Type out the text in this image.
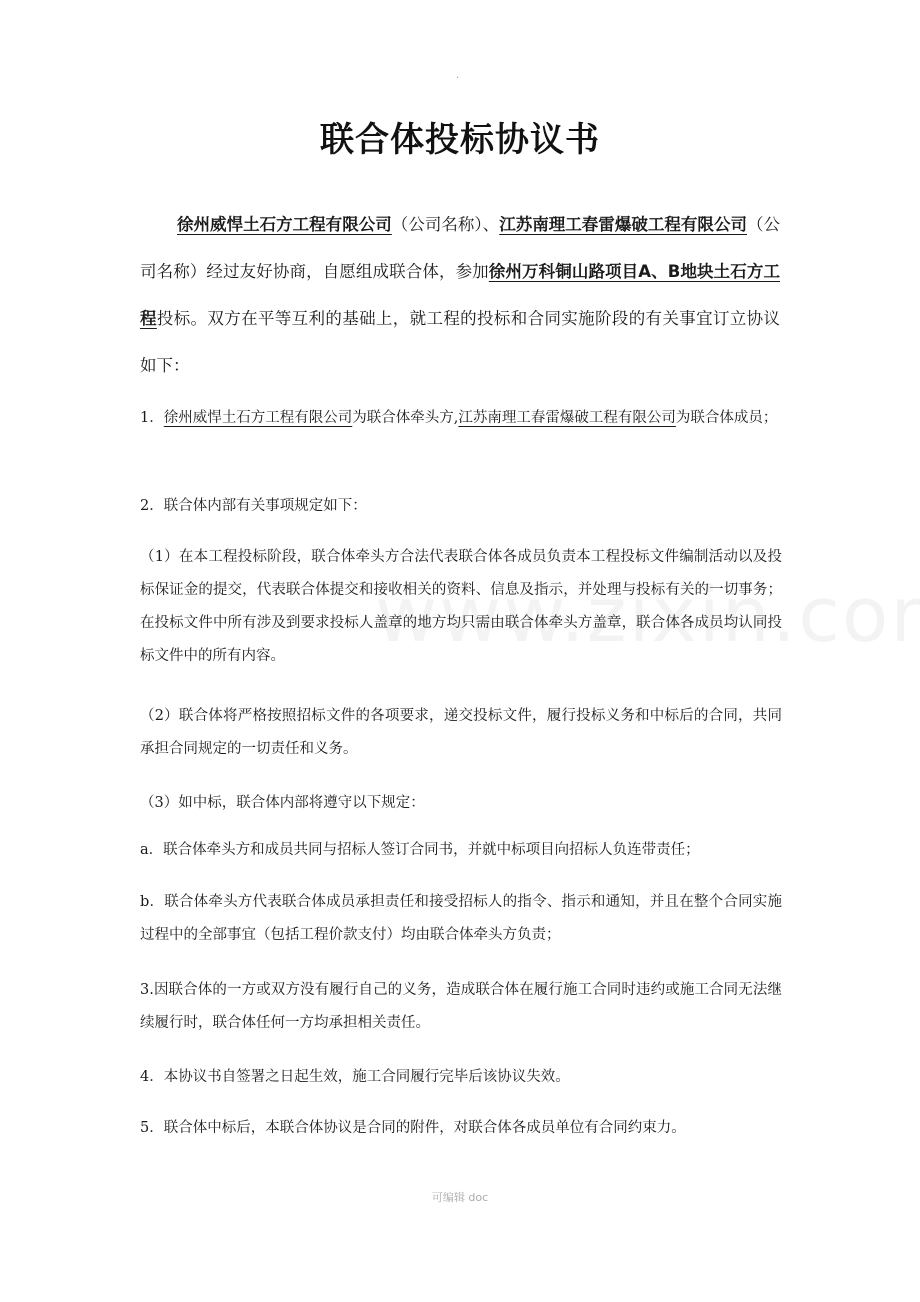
.
联合体投标协议书
徐州威悍土石方工程有限公司（公司名称）、江苏南理工春雷爆破工程有限公司（公司名称）经过友好协商，自愿组成联合体，参加徐州万科铜山路项目A、B地块土石方工程投标。双方在平等互利的基础上，就工程的投标和合同实施阶段的有关事宜订立协议如下：
1．徐州威悍土石方工程有限公司为联合体牵头方,江苏南理工春雷爆破工程有限公司为联合体成员；
2．联合体内部有关事项规定如下：
（1）在本工程投标阶段，联合体牵头方合法代表联合体各成员负责本工程投标文件编制活动以及投标保证金的提交，代表联合体提交和接收相关的资料、信息及指示，并处理与投标有关的一切事务；在投标文件中所有涉及到要求投标人盖章的地方均只需由联合体牵头方盖章，联合体各成员均认同投标文件中的所有内容。
（2）联合体将严格按照招标文件的各项要求，递交投标文件，履行投标义务和中标后的合同，共同承担合同规定的一切责任和义务。
（3）如中标，联合体内部将遵守以下规定：
a．联合体牵头方和成员共同与招标人签订合同书，并就中标项目向招标人负连带责任；
b．联合体牵头方代表联合体成员承担责任和接受招标人的指令、指示和通知，并且在整个合同实施过程中的全部事宜（包括工程价款支付）均由联合体牵头方负责；
3.因联合体的一方或双方没有履行自己的义务，造成联合体在履行施工合同时违约或施工合同无法继续履行时，联合体任何一方均承担相关责任。
4．本协议书自签署之日起生效，施工合同履行完毕后该协议失效。
5．联合体中标后，本联合体协议是合同的附件，对联合体各成员单位有合同约束力。
可编辑 doc
